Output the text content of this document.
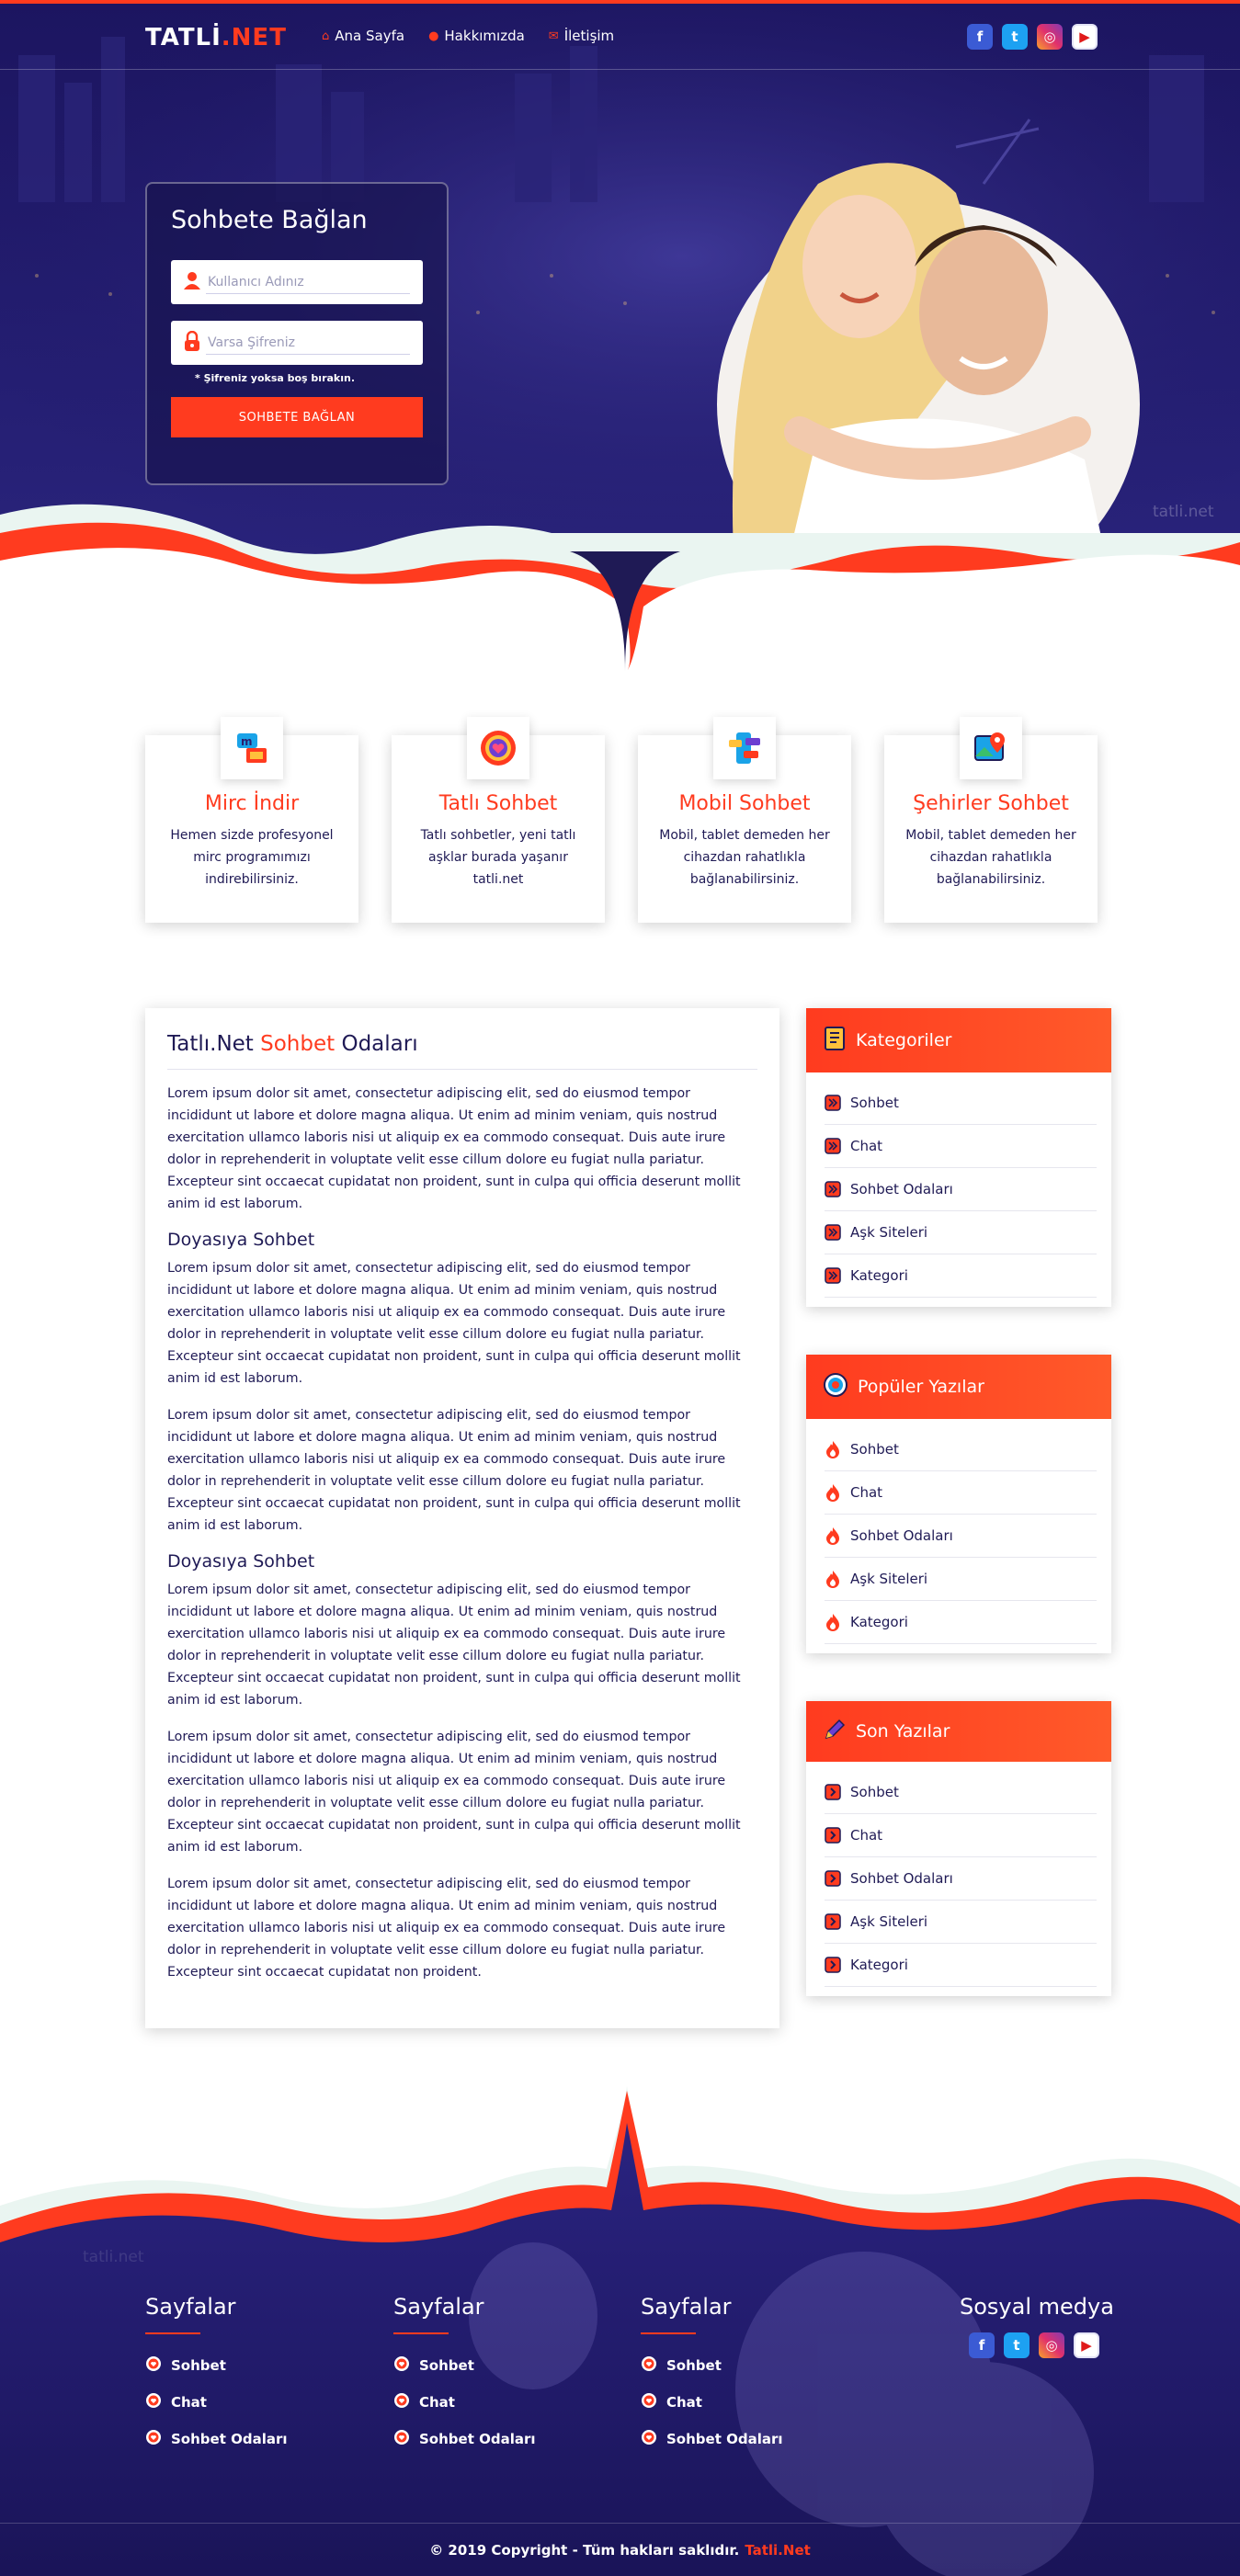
TATLİ.NET	⌂ Ana Sayfa ● Hakkımızda ✉ İletişim	f	t	◎	▶
Sohbete Bağlan
Kullanıcı Adınız
* Şifreniz yoksa boş bırakın.
SOHBETE BAĞLAN
tatli.net
m
Mirc İndir

Hemen sizde profesyonel mirc programımızı indirebilirsiniz.

Tatlı Sohbet

Tatlı sohbetler, yeni tatlı aşklar burada yaşanır tatli.net

Mobil Sohbet

Mobil, tablet demeden her cihazdan rahatlıkla bağlanabilirsiniz.

Şehirler Sohbet

Mobil, tablet demeden her cihazdan rahatlıkla bağlanabilirsiniz.

Tatlı.Net Sohbet Odaları

Lorem ipsum dolor sit amet, consectetur adipiscing elit, sed do eiusmod tempor incididunt ut labore et dolore magna aliqua. Ut enim ad minim veniam, quis nostrud exercitation ullamco laboris nisi ut aliquip ex ea commodo consequat. Duis aute irure dolor in reprehenderit in voluptate velit esse cillum dolore eu fugiat nulla pariatur. Excepteur sint occaecat cupidatat non proident, sunt in culpa qui officia deserunt mollit anim id est laborum.

Doyasıya Sohbet

Lorem ipsum dolor sit amet, consectetur adipiscing elit, sed do eiusmod tempor incididunt ut labore et dolore magna aliqua. Ut enim ad minim veniam, quis nostrud exercitation ullamco laboris nisi ut aliquip ex ea commodo consequat. Duis aute irure dolor in reprehenderit in voluptate velit esse cillum dolore eu fugiat nulla pariatur. Excepteur sint occaecat cupidatat non proident, sunt in culpa qui officia deserunt mollit anim id est laborum.

Lorem ipsum dolor sit amet, consectetur adipiscing elit, sed do eiusmod tempor incididunt ut labore et dolore magna aliqua. Ut enim ad minim veniam, quis nostrud exercitation ullamco laboris nisi ut aliquip ex ea commodo consequat. Duis aute irure dolor in reprehenderit in voluptate velit esse cillum dolore eu fugiat nulla pariatur. Excepteur sint occaecat cupidatat non proident, sunt in culpa qui officia deserunt mollit anim id est laborum.

Doyasıya Sohbet

Lorem ipsum dolor sit amet, consectetur adipiscing elit, sed do eiusmod tempor incididunt ut labore et dolore magna aliqua. Ut enim ad minim veniam, quis nostrud exercitation ullamco laboris nisi ut aliquip ex ea commodo consequat. Duis aute irure dolor in reprehenderit in voluptate velit esse cillum dolore eu fugiat nulla pariatur. Excepteur sint occaecat cupidatat non proident, sunt in culpa qui officia deserunt mollit anim id est laborum.

Lorem ipsum dolor sit amet, consectetur adipiscing elit, sed do eiusmod tempor incididunt ut labore et dolore magna aliqua. Ut enim ad minim veniam, quis nostrud exercitation ullamco laboris nisi ut aliquip ex ea commodo consequat. Duis aute irure dolor in reprehenderit in voluptate velit esse cillum dolore eu fugiat nulla pariatur. Excepteur sint occaecat cupidatat non proident, sunt in culpa qui officia deserunt mollit anim id est laborum.

Lorem ipsum dolor sit amet, consectetur adipiscing elit, sed do eiusmod tempor incididunt ut labore et dolore magna aliqua. Ut enim ad minim veniam, quis nostrud exercitation ullamco laboris nisi ut aliquip ex ea commodo consequat. Duis aute irure dolor in reprehenderit in voluptate velit esse cillum dolore eu fugiat nulla pariatur. Excepteur sint occaecat cupidatat non proident.

Kategoriler
Sohbet
Chat
Sohbet Odaları
Aşk Siteleri
Kategori
Popüler Yazılar
Sohbet
Chat
Sohbet Odaları
Aşk Siteleri
Kategori
Son Yazılar
Sohbet
Chat
Sohbet Odaları
Aşk Siteleri
Kategori
tatli.net
Sayfalar
Sohbet
Chat
Sohbet Odaları
Sayfalar
Sohbet
Chat
Sohbet Odaları
Sayfalar
Sohbet
Chat
Sohbet Odaları
Sosyal medya
f	t	◎	▶
© 2019 Copyright - Tüm hakları saklıdır. Tatli.Net
